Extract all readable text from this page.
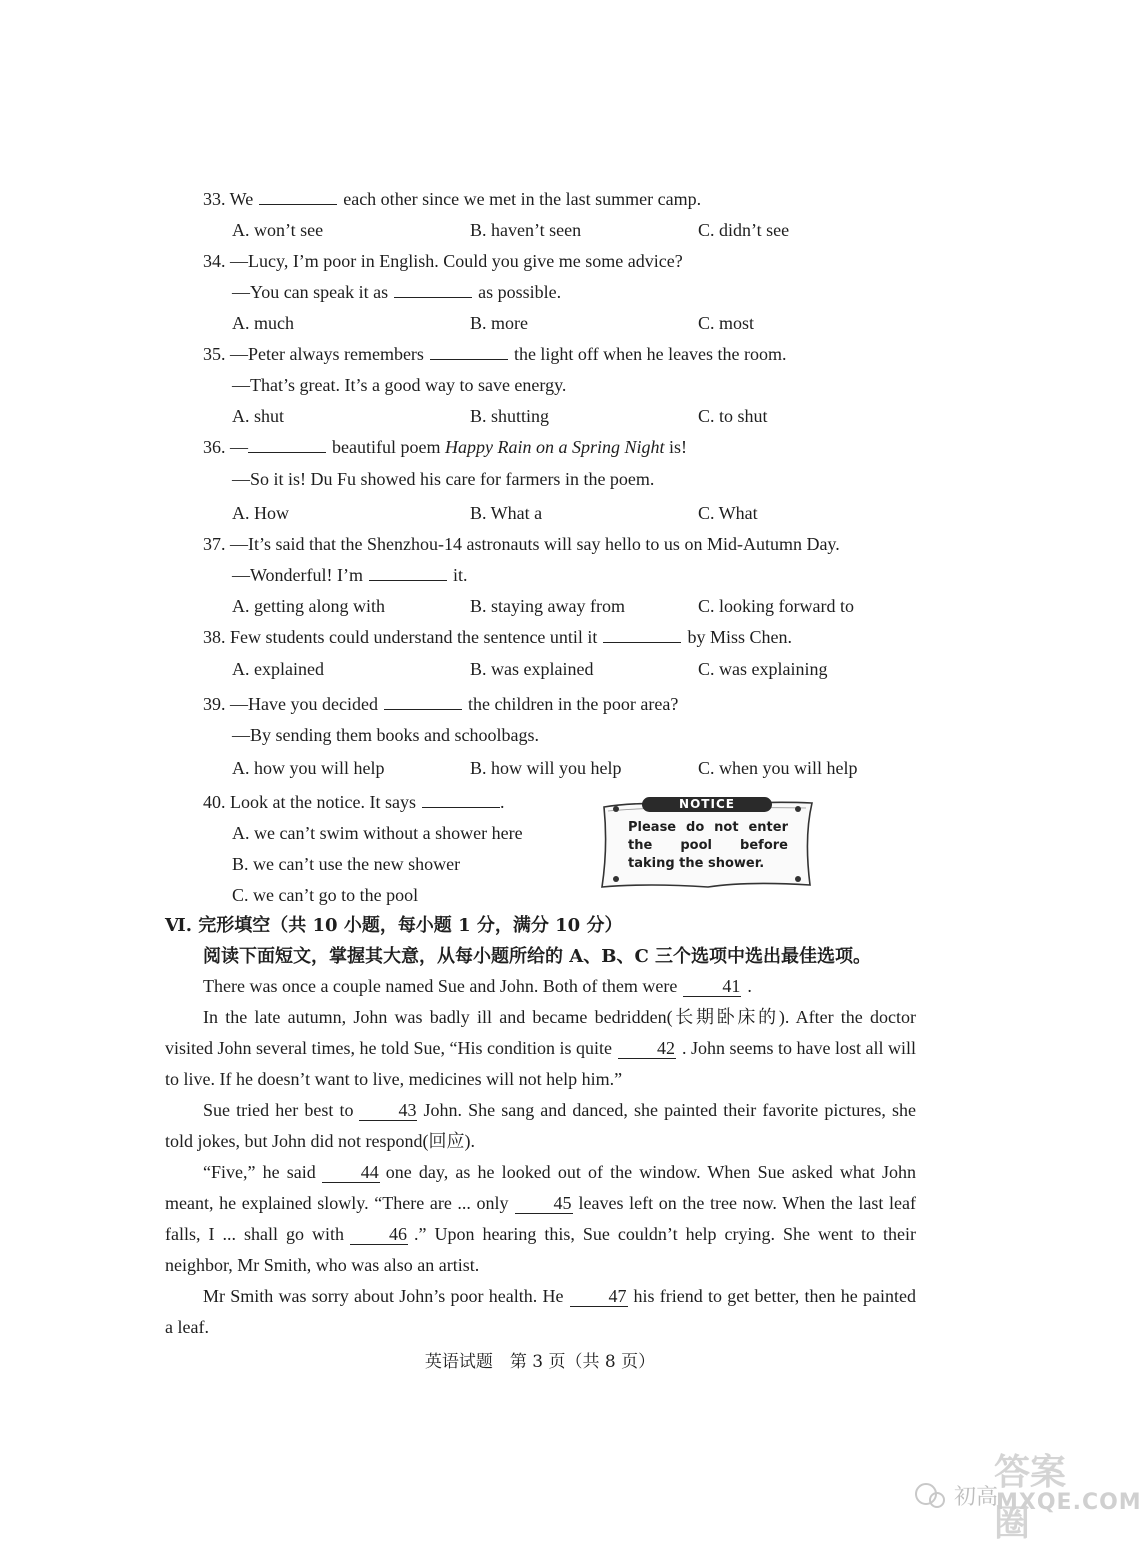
33. We	each other since we met in the last summer camp.
A. won’t see	B. haven’t seen	C. didn’t see
34. —Lucy, I’m poor in English. Could you give me some advice?
—You can speak it as	as possible.
A. much	B. more	C. most
35. —Peter always remembers	the light off when he leaves the room.
—That’s great. It’s a good way to save energy.
A. shut	B. shutting	C. to shut
36. —	beautiful poem Happy Rain on a Spring Night is!
—So it is! Du Fu showed his care for farmers in the poem.
A. How	B. What a	C. What
37. —It’s said that the Shenzhou-14 astronauts will say hello to us on Mid-Autumn Day.
—Wonderful! I’m	it.
A. getting along with	B. staying away from	C. looking forward to
38. Few students could understand the sentence until it	by Miss Chen.
A. explained	B. was explained	C. was explaining
39. —Have you decided	the children in the poor area?
—By sending them books and schoolbags.
A. how you will help	B. how will you help	C. when you will help
40. Look at the notice. It says	.
A. we can’t swim without a shower here
B. we can’t use the new shower
C. we can’t go to the pool
NOTICE
Please do not enter the pool before taking the shower.
Ⅵ. 完形填空（共 10 小题，每小题 1 分，满分 10 分）
阅读下面短文，掌握其大意，从每小题所给的 A、B、C 三个选项中选出最佳选项。
There was once a couple named Sue and John. Both of them were	41 .
In the late autumn, John was badly ill and became bedridden(长期卧床的). After the doctor visited John several times, he told Sue, “His condition is quite	42 . John seems to have lost all will to live. If he doesn’t want to live, medicines will not help him.”
Sue tried her best to	43 John. She sang and danced, she painted their favorite pictures, she told jokes, but John did not respond(回应).
“Five,” he said	44 one day, as he looked out of the window. When Sue asked what John meant, he explained slowly. “There are ... only	45 leaves left on the tree now. When the last leaf falls, I ... shall go with	46 .” Upon hearing this, Sue couldn’t help crying. She went to their neighbor, Mr Smith, who was also an artist.
Mr Smith was sorry about John’s poor health. He	47 his friend to get better, then he painted a leaf.
英语试题　第 3 页（共 8 页）
初高
答案圈
MXQE.COM
